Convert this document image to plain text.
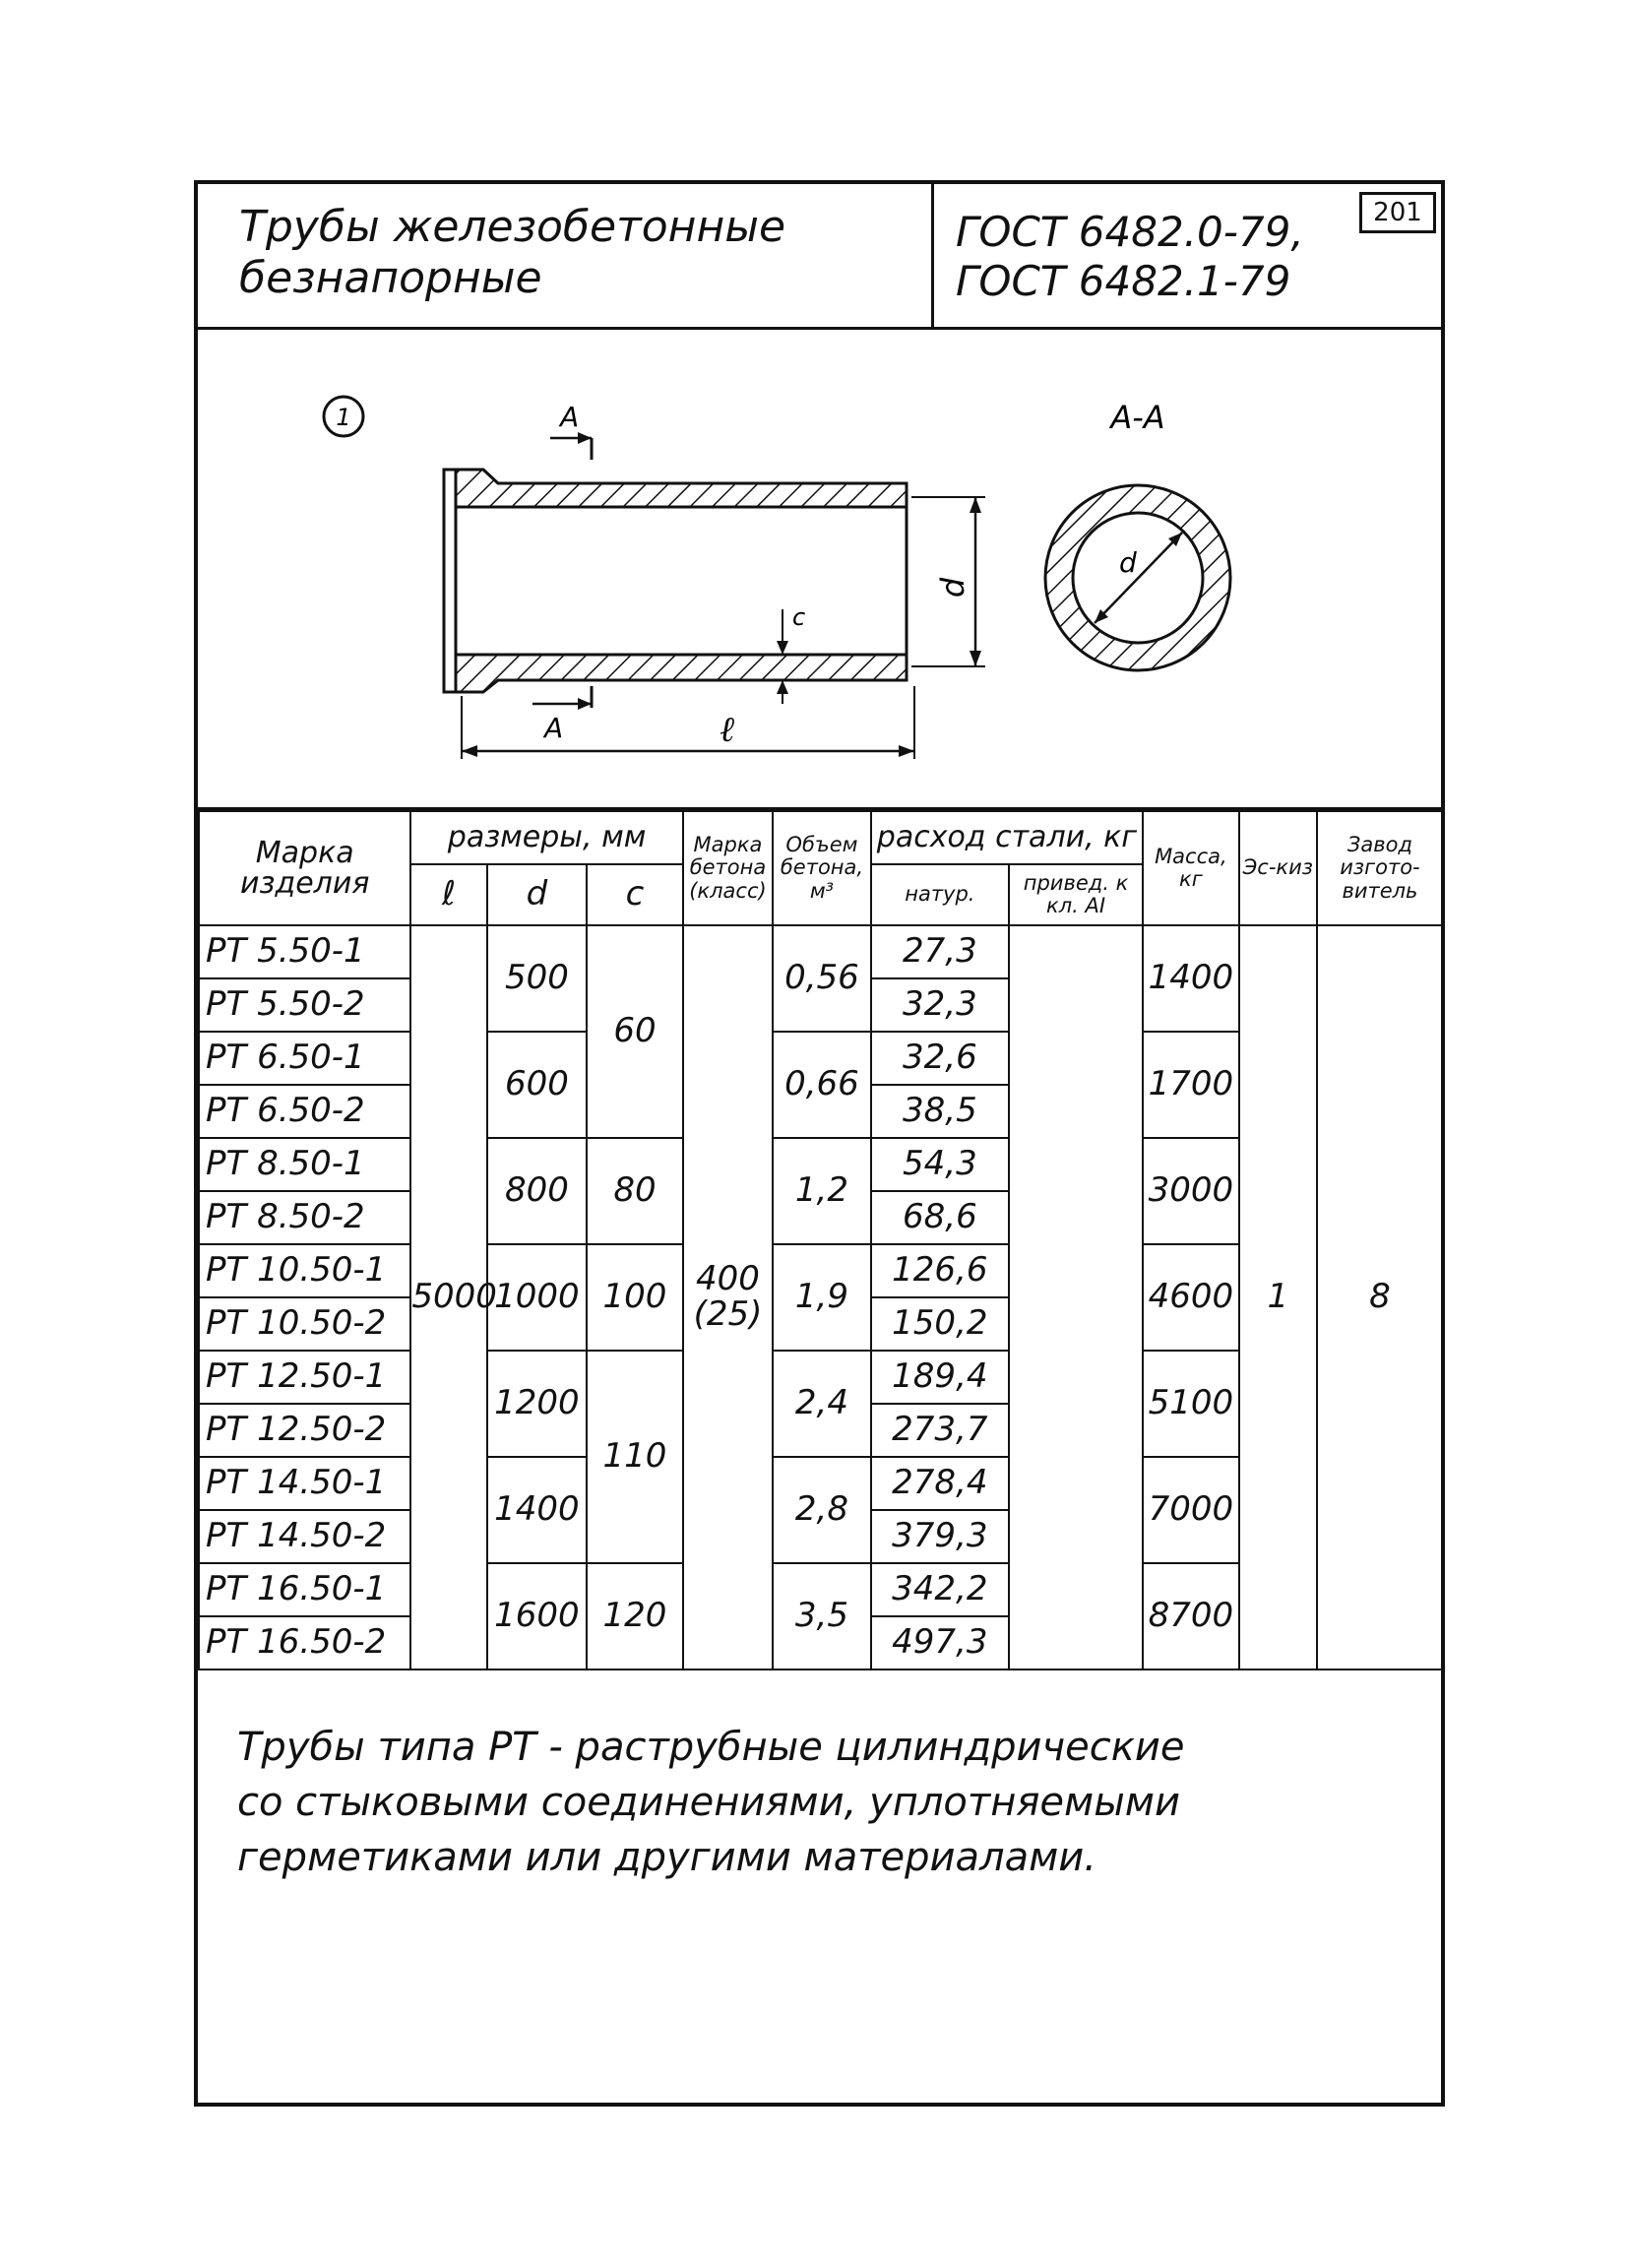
Трубы железобетонные
безнапорные
ГОСТ 6482.0-79,
ГОСТ 6482.1-79
201
1	A
A
d
c
ℓ
A-A
d
Марка изделия	размеры, мм			Марка бетона (класс)	Объем бетона, м³	расход стали, кг		Масса, кг	Эс-киз	Завод изгото-витель
	ℓ	d	c			натур.	привед. к кл. AI			
РТ 5.50-1	5000	500	60	400 (25)	0,56	27,3		1400	1	8
РТ 5.50-2						32,3				
РТ 6.50-1		600			0,66	32,6		1700		
РТ 6.50-2						38,5				
РТ 8.50-1		800	80		1,2	54,3		3000		
РТ 8.50-2						68,6				
РТ 10.50-1		1000	100		1,9	126,6		4600		
РТ 10.50-2						150,2				
РТ 12.50-1		1200	110		2,4	189,4		5100		
РТ 12.50-2						273,7				
РТ 14.50-1		1400			2,8	278,4		7000		
РТ 14.50-2						379,3				
РТ 16.50-1		1600	120		3,5	342,2		8700		
РТ 16.50-2						497,3				
Трубы типа РТ - раструбные цилиндрические
со стыковыми соединениями, уплотняемыми
герметиками или другими материалами.
